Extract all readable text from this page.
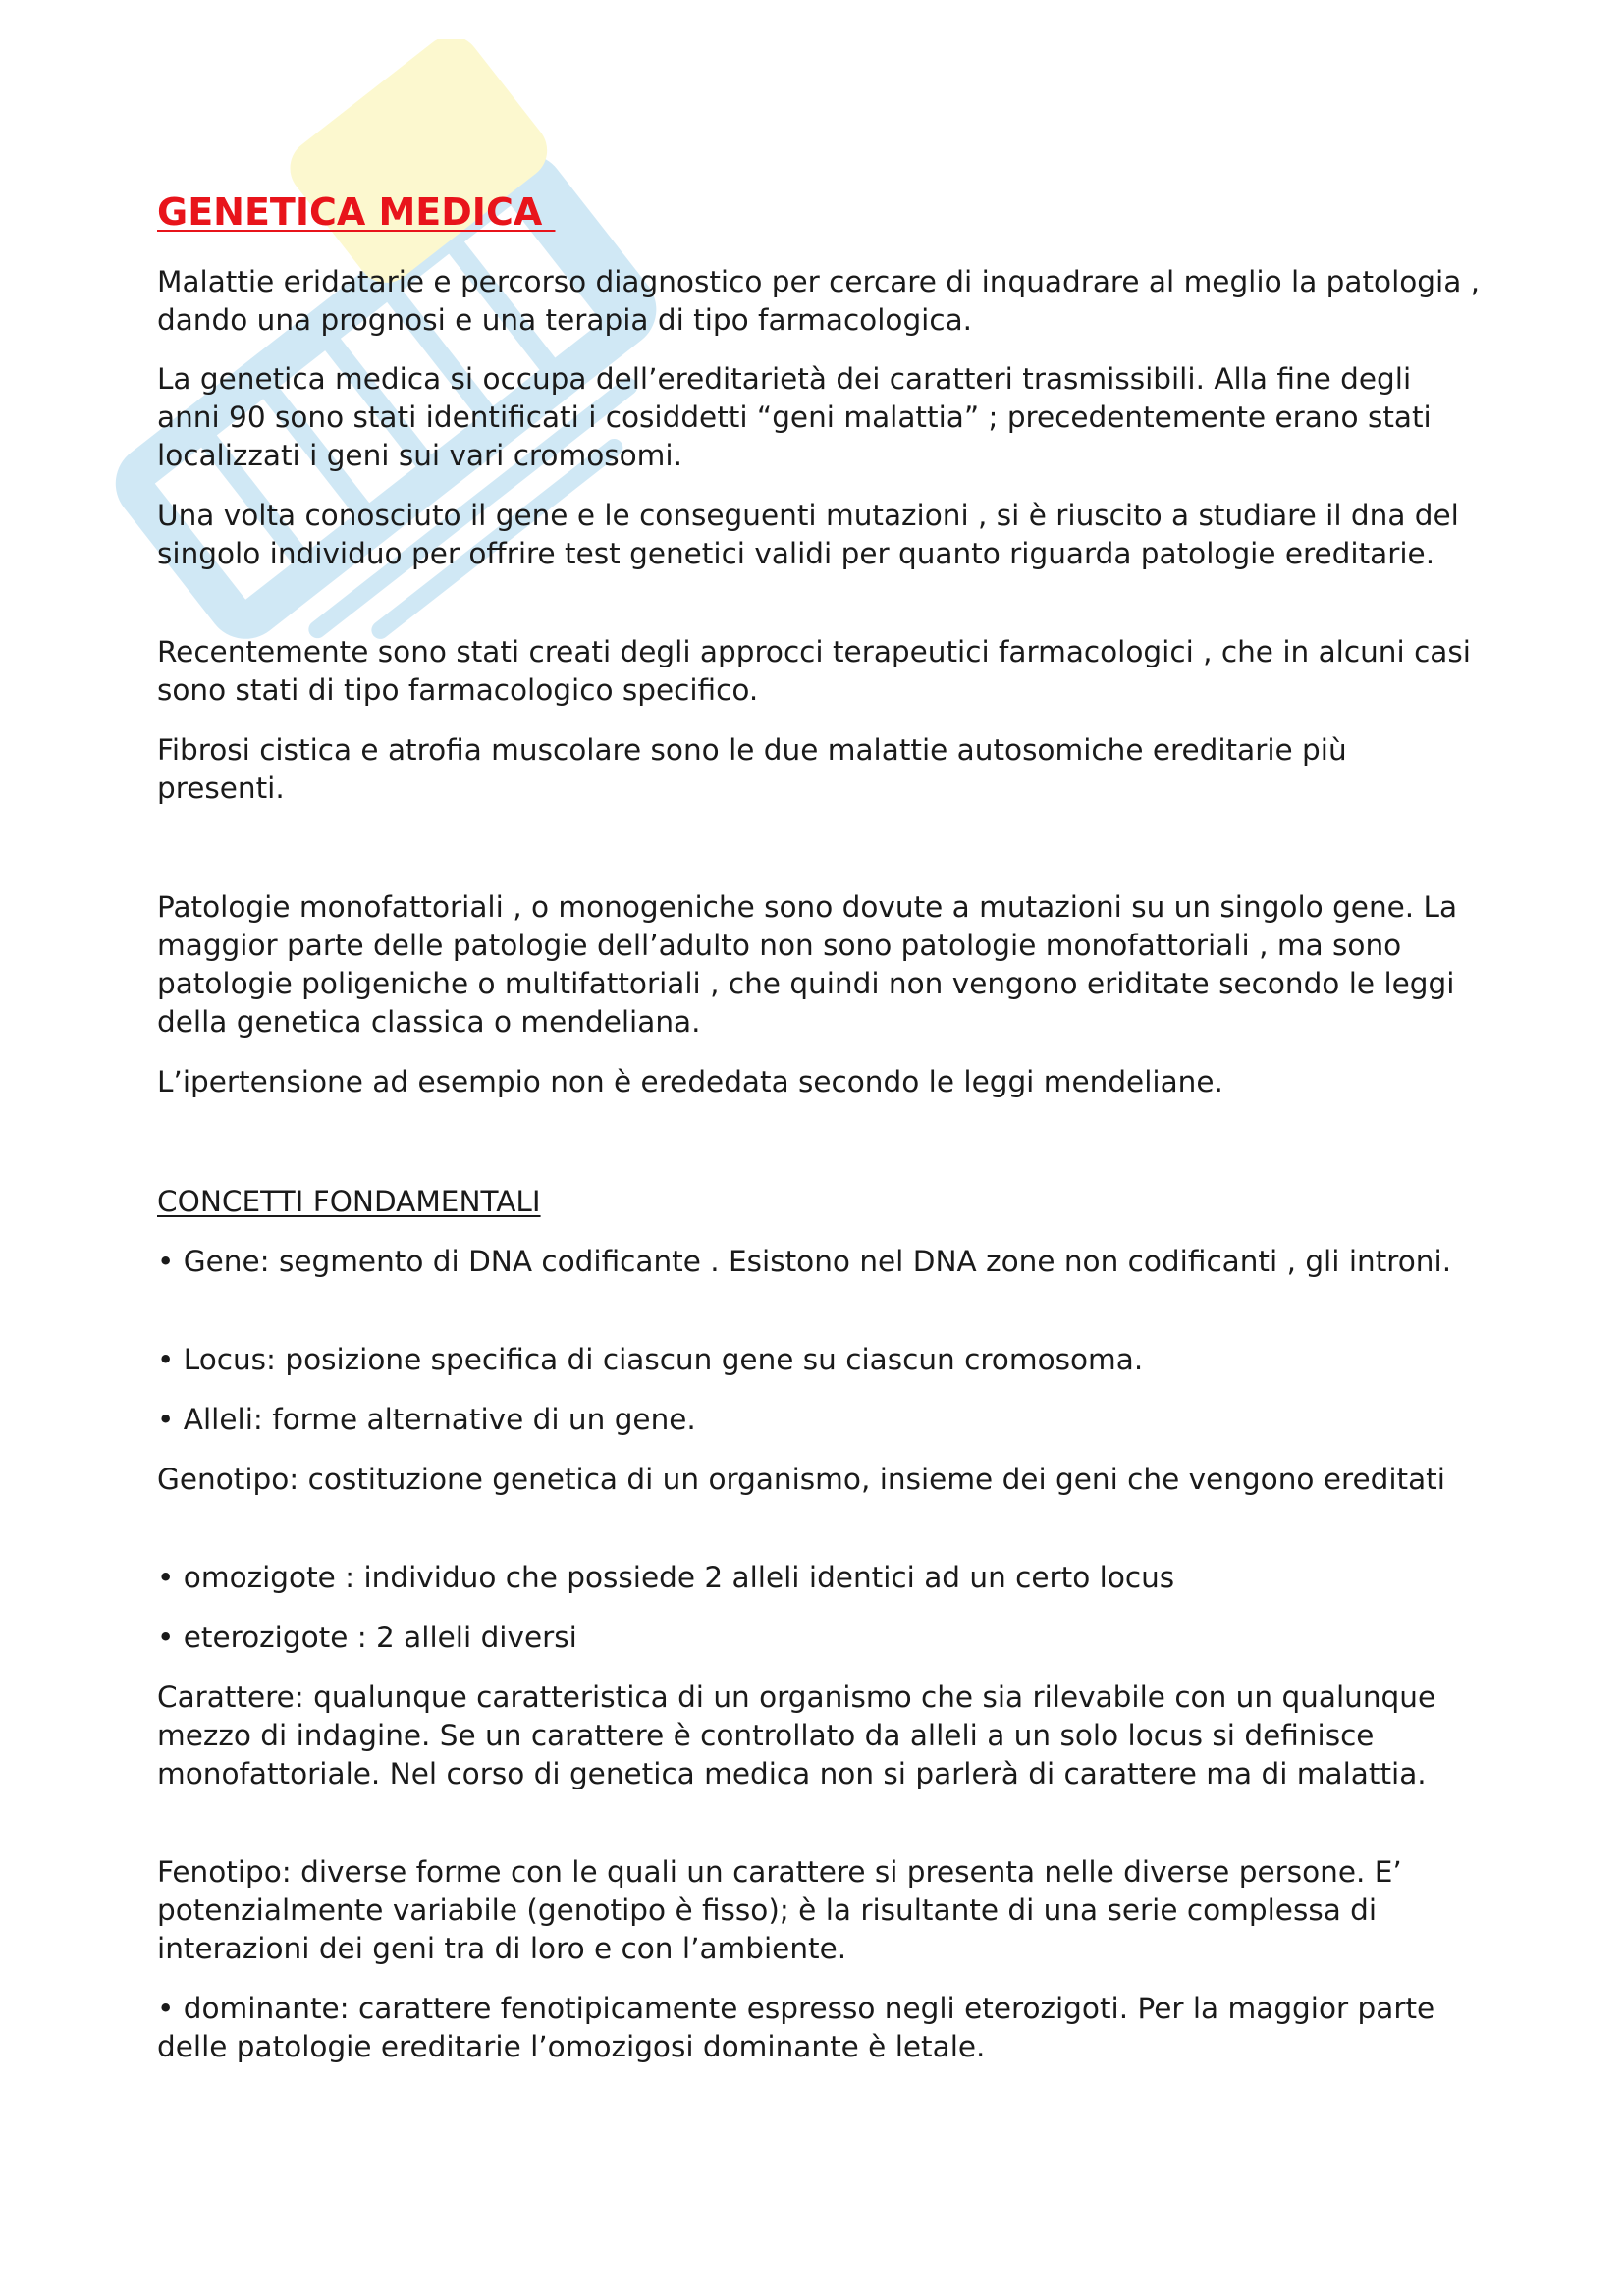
GENETICA MEDICA

Malattie eridatarie e percorso diagnostico per cercare di inquadrare al meglio la patologia , dando una prognosi e una terapia di tipo farmacologica.

La genetica medica si occupa dell’ereditarietà dei caratteri trasmissibili. Alla fine degli anni 90 sono stati identificati i cosiddetti “geni malattia” ; precedentemente erano stati localizzati i geni sui vari cromosomi.

Una volta conosciuto il gene e le conseguenti mutazioni , si è riuscito a studiare il dna del singolo individuo per offrire test genetici validi per quanto riguarda patologie ereditarie.

Recentemente sono stati creati degli approcci terapeutici farmacologici , che in alcuni casi sono stati di tipo farmacologico specifico.

Fibrosi cistica e atrofia muscolare sono le due malattie autosomiche ereditarie più presenti.

Patologie monofattoriali , o monogeniche sono dovute a mutazioni su un singolo gene. La maggior parte delle patologie dell’adulto non sono patologie monofattoriali , ma sono patologie poligeniche o multifattoriali , che quindi non vengono eriditate secondo le leggi della genetica classica o mendeliana.

L’ipertensione ad esempio non è erededata secondo le leggi mendeliane.

CONCETTI FONDAMENTALI

• Gene: segmento di DNA codificante . Esistono nel DNA zone non codificanti , gli introni.

• Locus: posizione specifica di ciascun gene su ciascun cromosoma.

• Alleli: forme alternative di un gene.

Genotipo: costituzione genetica di un organismo, insieme dei geni che vengono ereditati

• omozigote : individuo che possiede 2 alleli identici ad un certo locus

• eterozigote : 2 alleli diversi

Carattere: qualunque caratteristica di un organismo che sia rilevabile con un qualunque mezzo di indagine. Se un carattere è controllato da alleli a un solo locus si definisce monofattoriale. Nel corso di genetica medica non si parlerà di carattere ma di malattia.

Fenotipo: diverse forme con le quali un carattere si presenta nelle diverse persone. E’ potenzialmente variabile (genotipo è fisso); è la risultante di una serie complessa di interazioni dei geni tra di loro e con l’ambiente.

• dominante: carattere fenotipicamente espresso negli eterozigoti. Per la maggior parte delle patologie ereditarie l’omozigosi dominante è letale.
